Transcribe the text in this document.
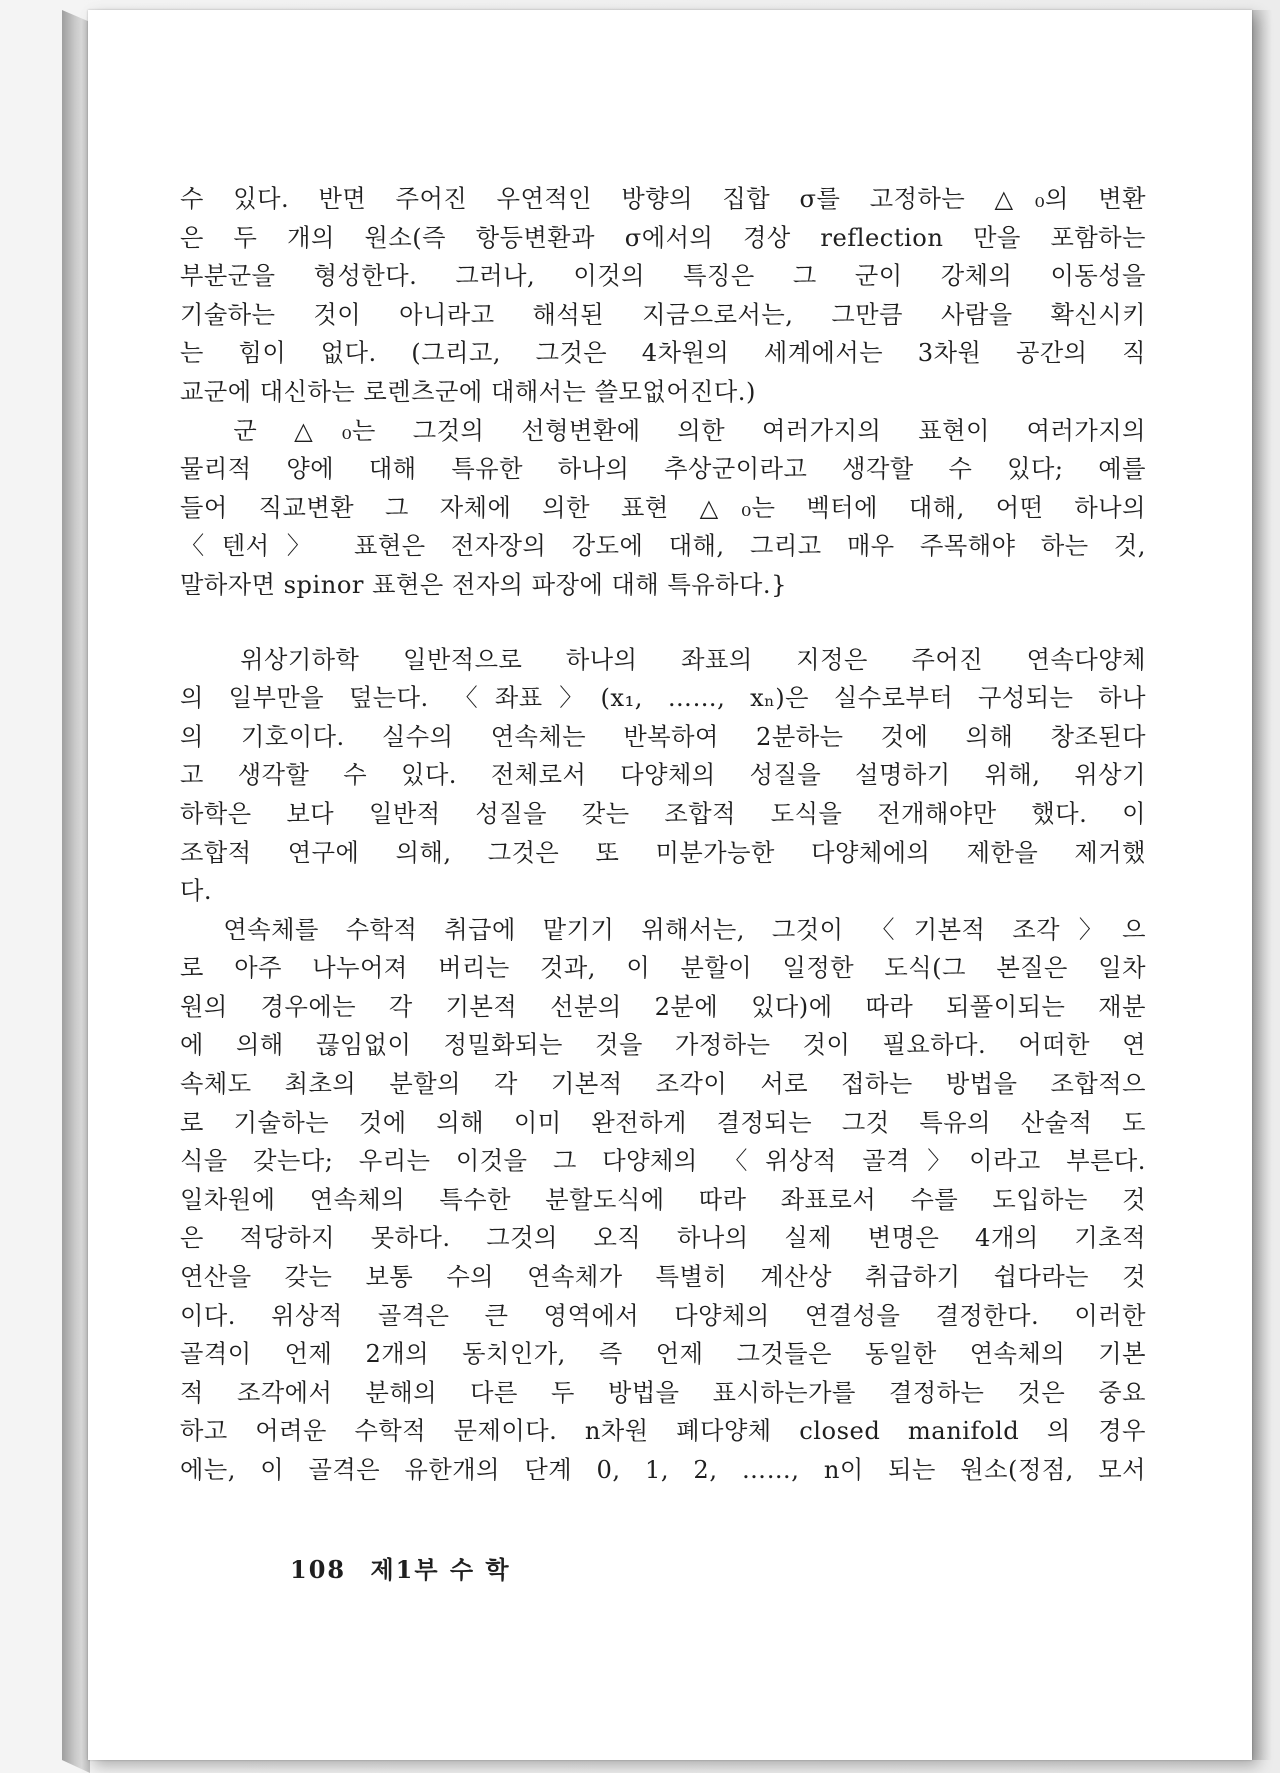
수 있다. 반면 주어진 우연적인 방향의 집합 σ를 고정하는 △₀의 변환
은 두 개의 원소(즉 항등변환과 σ에서의 경상 reflection 만을 포함하는
부분군을 형성한다. 그러나, 이것의 특징은 그 군이 강체의 이동성을
기술하는 것이 아니라고 해석된 지금으로서는, 그만큼 사람을 확신시키
는 힘이 없다. (그리고, 그것은 4차원의 세계에서는 3차원 공간의 직
교군에 대신하는 로렌츠군에 대해서는 쓸모없어진다.)
　군 △₀는 그것의 선형변환에 의한 여러가지의 표현이 여러가지의
물리적 양에 대해 특유한 하나의 추상군이라고 생각할 수 있다; 예를
들어 직교변환 그 자체에 의한 표현 △₀는 벡터에 대해, 어떤 하나의
〈텐서〉 표현은 전자장의 강도에 대해, 그리고 매우 주목해야 하는 것,
말하자면 spinor 표현은 전자의 파장에 대해 특유하다.}
　위상기하학 일반적으로 하나의 좌표의 지정은 주어진 연속다양체
의 일부만을 덮는다. 〈좌표〉(x₁, ……, xₙ)은 실수로부터 구성되는 하나
의 기호이다. 실수의 연속체는 반복하여 2분하는 것에 의해 창조된다
고 생각할 수 있다. 전체로서 다양체의 성질을 설명하기 위해, 위상기
하학은 보다 일반적 성질을 갖는 조합적 도식을 전개해야만 했다. 이
조합적 연구에 의해, 그것은 또 미분가능한 다양체에의 제한을 제거했
다.
　연속체를 수학적 취급에 맡기기 위해서는, 그것이 〈기본적 조각〉으
로 아주 나누어져 버리는 것과, 이 분할이 일정한 도식(그 본질은 일차
원의 경우에는 각 기본적 선분의 2분에 있다)에 따라 되풀이되는 재분
에 의해 끊임없이 정밀화되는 것을 가정하는 것이 필요하다. 어떠한 연
속체도 최초의 분할의 각 기본적 조각이 서로 접하는 방법을 조합적으
로 기술하는 것에 의해 이미 완전하게 결정되는 그것 특유의 산술적 도
식을 갖는다; 우리는 이것을 그 다양체의 〈위상적 골격〉이라고 부른다.
일차원에 연속체의 특수한 분할도식에 따라 좌표로서 수를 도입하는 것
은 적당하지 못하다. 그것의 오직 하나의 실제 변명은 4개의 기초적
연산을 갖는 보통 수의 연속체가 특별히 계산상 취급하기 쉽다라는 것
이다. 위상적 골격은 큰 영역에서 다양체의 연결성을 결정한다. 이러한
골격이 언제 2개의 동치인가, 즉 언제 그것들은 동일한 연속체의 기본
적 조각에서 분해의 다른 두 방법을 표시하는가를 결정하는 것은 중요
하고 어려운 수학적 문제이다. n차원 폐다양체 closed manifold 의 경우
에는, 이 골격은 유한개의 단계 0, 1, 2, ……, n이 되는 원소(정점, 모서
108 제1부 수 학
